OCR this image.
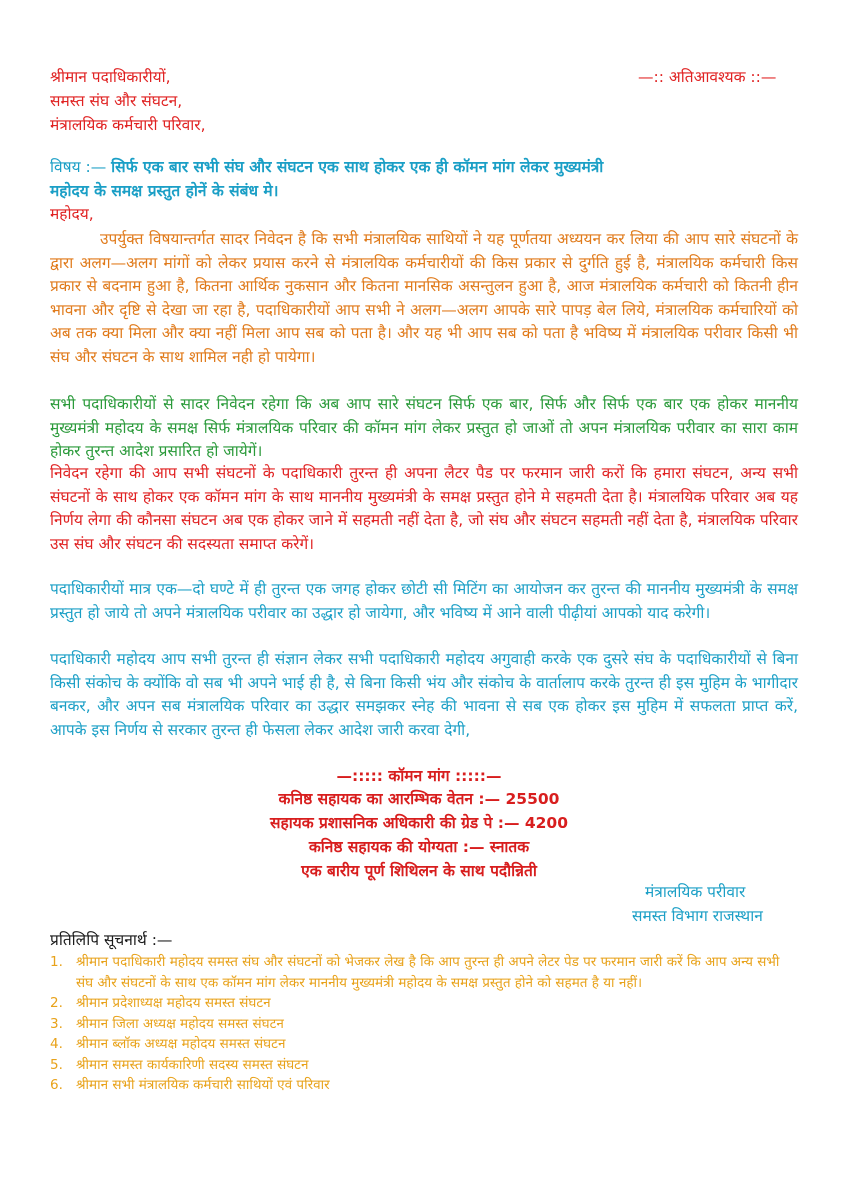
श्रीमान पदाधिकारीयों,
समस्त संघ और संघटन,
मंत्रालयिक कर्मचारी परिवार,
—:: अतिआवश्यक ::—
विषय :— सिर्फ एक बार सभी संघ और संघटन एक साथ होकर एक ही कॉमन मांग लेकर मुख्यमंत्री
महोदय के समक्ष प्रस्तुत होनें के संबंध मे।
महोदय,
उपर्युक्त विषयान्तर्गत सादर निवेदन है कि सभी मंत्रालयिक साथियों ने यह पूर्णतया अध्ययन कर लिया की आप सारे संघटनों के द्वारा अलग—अलग मांगों को लेकर प्रयास करने से मंत्रालयिक कर्मचारीयों की किस प्रकार से दुर्गति हुई है, मंत्रालयिक कर्मचारी किस प्रकार से बदनाम हुआ है, कितना आर्थिक नुकसान और कितना मानसिक असन्तुलन हुआ है, आज मंत्रालयिक कर्मचारी को कितनी हीन भावना और दृष्टि से देखा जा रहा है, पदाधिकारीयों आप सभी ने अलग—अलग आपके सारे पापड़ बेल लिये, मंत्रालयिक कर्मचारियों को अब तक क्या मिला और क्या नहीं मिला आप सब को पता है। और यह भी आप सब को पता है भविष्य में मंत्रालयिक परीवार किसी भी संघ और संघटन के साथ शामिल नही हो पायेगा।
सभी पदाधिकारीयों से सादर निवेदन रहेगा कि अब आप सारे संघटन सिर्फ एक बार, सिर्फ और सिर्फ एक बार एक होकर माननीय मुख्यमंत्री महोदय के समक्ष सिर्फ मंत्रालयिक परिवार की कॉमन मांग लेकर प्रस्तुत हो जाओं तो अपन मंत्रालयिक परीवार का सारा काम होकर तुरन्त आदेश प्रसारित हो जायेगें।
निवेदन रहेगा की आप सभी संघटनों के पदाधिकारी तुरन्त ही अपना लैटर पैड पर फरमान जारी करों कि हमारा संघटन, अन्य सभी संघटनों के साथ होकर एक कॉमन मांग के साथ माननीय मुख्यमंत्री के समक्ष प्रस्तुत होने मे सहमती देता है। मंत्रालयिक परिवार अब यह निर्णय लेगा की कौनसा संघटन अब एक होकर जाने में सहमती नहीं देता है, जो संघ और संघटन सहमती नहीं देता है, मंत्रालयिक परिवार उस संघ और संघटन की सदस्यता समाप्त करेगें।
पदाधिकारीयों मात्र एक—दो घण्टे में ही तुरन्त एक जगह होकर छोटी सी मिटिंग का आयोजन कर तुरन्त की माननीय मुख्यमंत्री के समक्ष प्रस्तुत हो जाये तो अपने मंत्रालयिक परीवार का उद्धार हो जायेगा, और भविष्य में आने वाली पीढ़ीयां आपको याद करेगी।
पदाधिकारी महोदय आप सभी तुरन्त ही संज्ञान लेकर सभी पदाधिकारी महोदय अगुवाही करके एक दुसरे संघ के पदाधिकारीयों से बिना किसी संकोच के क्योंकि वो सब भी अपने भाई ही है, से बिना किसी भंय और संकोच के वार्तालाप करके तुरन्त ही इस मुहिम के भागीदार बनकर, और अपन सब मंत्रालयिक परिवार का उद्धार समझकर स्नेह की भावना से सब एक होकर इस मुहिम में सफलता प्राप्त करें, आपके इस निर्णय से सरकार तुरन्त ही फेसला लेकर आदेश जारी करवा देगी,
—::::: कॉमन मांग :::::—
कनिष्ठ सहायक का आरम्भिक वेतन :— 25500
सहायक प्रशासनिक अधिकारी की ग्रेड पे :— 4200
कनिष्ठ सहायक की योग्यता :— स्नातक
एक बारीय पूर्ण शिथिलन के साथ पदौन्निती
मंत्रालयिक परीवार
समस्त विभाग राजस्थान
प्रतिलिपि सूचनार्थ :—
1. श्रीमान पदाधिकारी महोदय समस्त संघ और संघटनों को भेजकर लेख है कि आप तुरन्त ही अपने लेटर पेड पर फरमान जारी करें कि आप अन्य सभी संघ और संघटनों के साथ एक कॉमन मांग लेकर माननीय मुख्यमंत्री महोदय के समक्ष प्रस्तुत होने को सहमत है या नहीं।
2. श्रीमान प्रदेशाध्यक्ष महोदय समस्त संघटन
3. श्रीमान जिला अध्यक्ष महोदय समस्त संघटन
4. श्रीमान ब्लॉक अध्यक्ष महोदय समस्त संघटन
5. श्रीमान समस्त कार्यकारिणी सदस्य समस्त संघटन
6. श्रीमान सभी मंत्रालयिक कर्मचारी साथियों एवं परिवार
